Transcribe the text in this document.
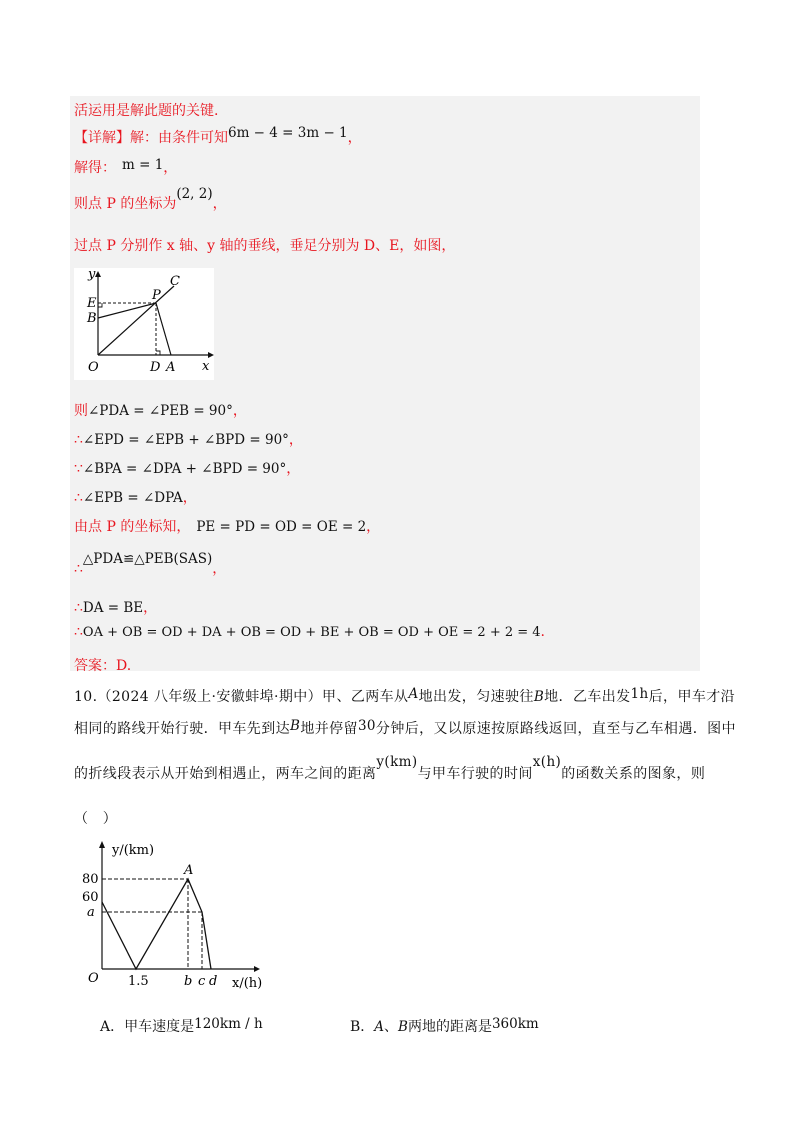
活运用是解此题的关键.
【详解】解：由条件可知6m − 4 = 3m − 1，
解得： m = 1，
则点 P 的坐标为(2, 2)，
过点 P 分别作 x 轴、y 轴的垂线，垂足分别为 D、E，如图，
y
x
O
E
B
P
C
D A
则∠PDA = ∠PEB = 90°，
∴∠EPD = ∠EPB + ∠BPD = 90°，
∵∠BPA = ∠DPA + ∠BPD = 90°，
∴∠EPB = ∠DPA，
由点 P 的坐标知， PE = PD = OD = OE = 2，
∴△PDA≌△PEB(SAS)，
∴DA = BE，
∴OA + OB = OD + DA + OB = OD + BE + OB = OD + OE = 2 + 2 = 4.
答案：D.
10.（2024 八年级上·安徽蚌埠·期中）甲、乙两车从A地出发，匀速驶往B地．乙车出发1h后，甲车才沿
相同的路线开始行驶．甲车先到达B地并停留30分钟后，又以原速按原路线返回，直至与乙车相遇．图中
的折线段表示从开始到相遇止，两车之间的距离y(km)与甲车行驶的时间x(h)的函数关系的图象，则
（　）
y/(km)
x/(h)
O
80
60
a
1.5	b c d
A
A．甲车速度是120km / h	B．A、B两地的距离是360km
